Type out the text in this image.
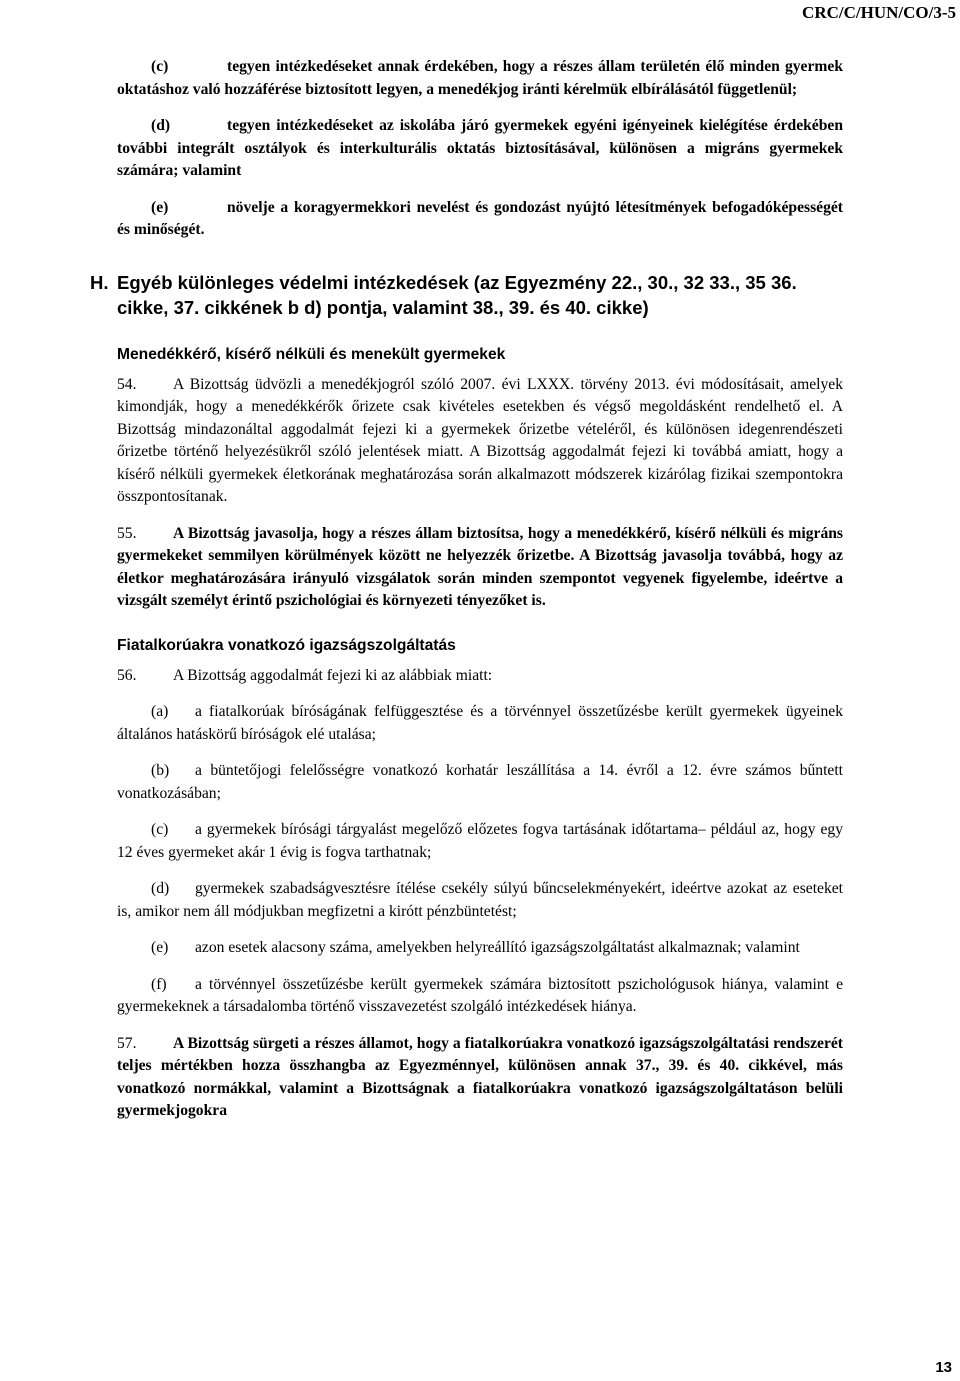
CRC/C/HUN/CO/3-5

(c)	tegyen intézkedéseket annak érdekében, hogy a részes állam területén élő minden gyermek oktatáshoz való hozzáférése biztosított legyen, a menedékjog iránti kérelmük elbírálásától függetlenül;

(d)	tegyen intézkedéseket az iskolába járó gyermekek egyéni igényeinek kielégítése érdekében további integrált osztályok és interkulturális oktatás biztosításával, különösen a migráns gyermekek számára; valamint

(e)	növelje a koragyermekkori nevelést és gondozást nyújtó létesítmények befogadóképességét és minőségét.

H. Egyéb különleges védelmi intézkedések (az Egyezmény 22., 30., 32 33., 35 36. cikke, 37. cikkének b d) pontja, valamint 38., 39. és 40. cikke)
Menedékkérő, kísérő nélküli és menekült gyermekek

54. A Bizottság üdvözli a menedékjogról szóló 2007. évi LXXX. törvény 2013. évi módosításait, amelyek kimondják, hogy a menedékkérők őrizete csak kivételes esetekben és végső megoldásként rendelhető el. A Bizottság mindazonáltal aggodalmát fejezi ki a gyermekek őrizetbe vételéről, és különösen idegenrendészeti őrizetbe történő helyezésükről szóló jelentések miatt. A Bizottság aggodalmát fejezi ki továbbá amiatt, hogy a kísérő nélküli gyermekek életkorának meghatározása során alkalmazott módszerek kizárólag fizikai szempontokra összpontosítanak.

55. A Bizottság javasolja, hogy a részes állam biztosítsa, hogy a menedékkérő, kísérő nélküli és migráns gyermekeket semmilyen körülmények között ne helyezzék őrizetbe. A Bizottság javasolja továbbá, hogy az életkor meghatározására irányuló vizsgálatok során minden szempontot vegyenek figyelembe, ideértve a vizsgált személyt érintő pszichológiai és környezeti tényezőket is.

Fiatalkorúakra vonatkozó igazságszolgáltatás

56. A Bizottság aggodalmát fejezi ki az alábbiak miatt:

(a) a fiatalkorúak bíróságának felfüggesztése és a törvénnyel összetűzésbe került gyermekek ügyeinek általános hatáskörű bíróságok elé utalása;

(b) a büntetőjogi felelősségre vonatkozó korhatár leszállítása a 14. évről a 12. évre számos bűntett vonatkozásában;

(c) a gyermekek bírósági tárgyalást megelőző előzetes fogva tartásának időtartama– például az, hogy egy 12 éves gyermeket akár 1 évig is fogva tarthatnak;

(d) gyermekek szabadságvesztésre ítélése csekély súlyú bűncselekményekért, ideértve azokat az eseteket is, amikor nem áll módjukban megfizetni a kirótt pénzbüntetést;

(e) azon esetek alacsony száma, amelyekben helyreállító igazságszolgáltatást alkalmaznak; valamint

(f) a törvénnyel összetűzésbe került gyermekek számára biztosított pszichológusok hiánya, valamint e gyermekeknek a társadalomba történő visszavezetést szolgáló intézkedések hiánya.

57. A Bizottság sürgeti a részes államot, hogy a fiatalkorúakra vonatkozó igazságszolgáltatási rendszerét teljes mértékben hozza összhangba az Egyezménnyel, különösen annak 37., 39. és 40. cikkével, más vonatkozó normákkal, valamint a Bizottságnak a fiatalkorúakra vonatkozó igazságszolgáltatáson belüli gyermekjogokra

13
